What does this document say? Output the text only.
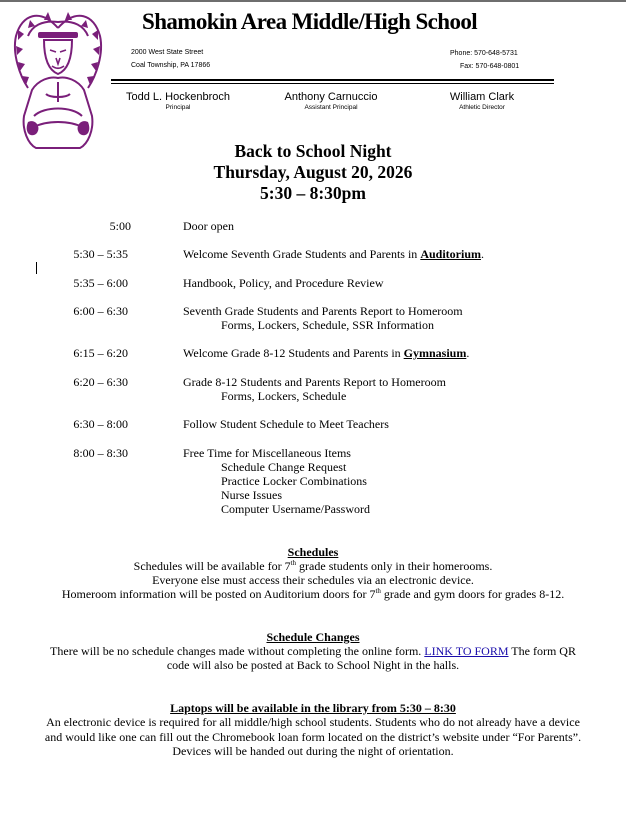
Shamokin Area Middle/High School
2000 West State Street
Coal Township, PA 17866
Phone: 570-648-5731
Fax: 570-648-0801
Todd L. Hockenbroch
Principal
Anthony Carnuccio
Assistant Principal
William Clark
Athletic Director
Back to School Night
Thursday, August 20, 2026
5:30 – 8:30pm
5:00	Door open
5:30 – 5:35	Welcome Seventh Grade Students and Parents in Auditorium.
5:35 – 6:00	Handbook, Policy, and Procedure Review
6:00 – 6:30	Seventh Grade Students and Parents Report to Homeroom
Forms, Lockers, Schedule, SSR Information
6:15 – 6:20	Welcome Grade 8-12 Students and Parents in Gymnasium.
6:20 – 6:30	Grade 8-12 Students and Parents Report to Homeroom
Forms, Lockers, Schedule
6:30 – 8:00	Follow Student Schedule to Meet Teachers
8:00 – 8:30	Free Time for Miscellaneous Items
Schedule Change Request
Practice Locker Combinations
Nurse Issues
Computer Username/Password
Schedules
Schedules will be available for 7th grade students only in their homerooms.
Everyone else must access their schedules via an electronic device.
Homeroom information will be posted on Auditorium doors for 7th grade and gym doors for grades 8-12.
Schedule Changes
There will be no schedule changes made without completing the online form. LINK TO FORM The form QR
code will also be posted at Back to School Night in the halls.
Laptops will be available in the library from 5:30 – 8:30
An electronic device is required for all middle/high school students. Students who do not already have a device
and would like one can fill out the Chromebook loan form located on the district’s website under “For Parents”.
Devices will be handed out during the night of orientation.
